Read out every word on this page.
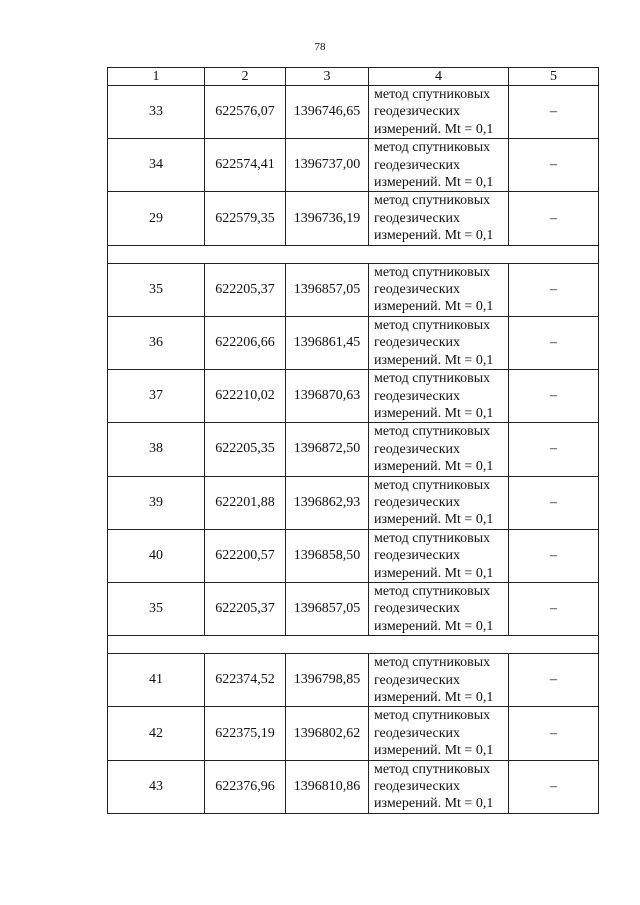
78
1	2	3	4	5
33	622576,07	1396746,65	метод спутниковых
геодезических
измерений. Mt = 0,1	–
34	622574,41	1396737,00	метод спутниковых
геодезических
измерений. Mt = 0,1	–
29	622579,35	1396736,19	метод спутниковых
геодезических
измерений. Mt = 0,1	–

35	622205,37	1396857,05	метод спутниковых
геодезических
измерений. Mt = 0,1	–
36	622206,66	1396861,45	метод спутниковых
геодезических
измерений. Mt = 0,1	–
37	622210,02	1396870,63	метод спутниковых
геодезических
измерений. Mt = 0,1	–
38	622205,35	1396872,50	метод спутниковых
геодезических
измерений. Mt = 0,1	–
39	622201,88	1396862,93	метод спутниковых
геодезических
измерений. Mt = 0,1	–
40	622200,57	1396858,50	метод спутниковых
геодезических
измерений. Mt = 0,1	–
35	622205,37	1396857,05	метод спутниковых
геодезических
измерений. Mt = 0,1	–

41	622374,52	1396798,85	метод спутниковых
геодезических
измерений. Mt = 0,1	–
42	622375,19	1396802,62	метод спутниковых
геодезических
измерений. Mt = 0,1	–
43	622376,96	1396810,86	метод спутниковых
геодезических
измерений. Mt = 0,1	–
